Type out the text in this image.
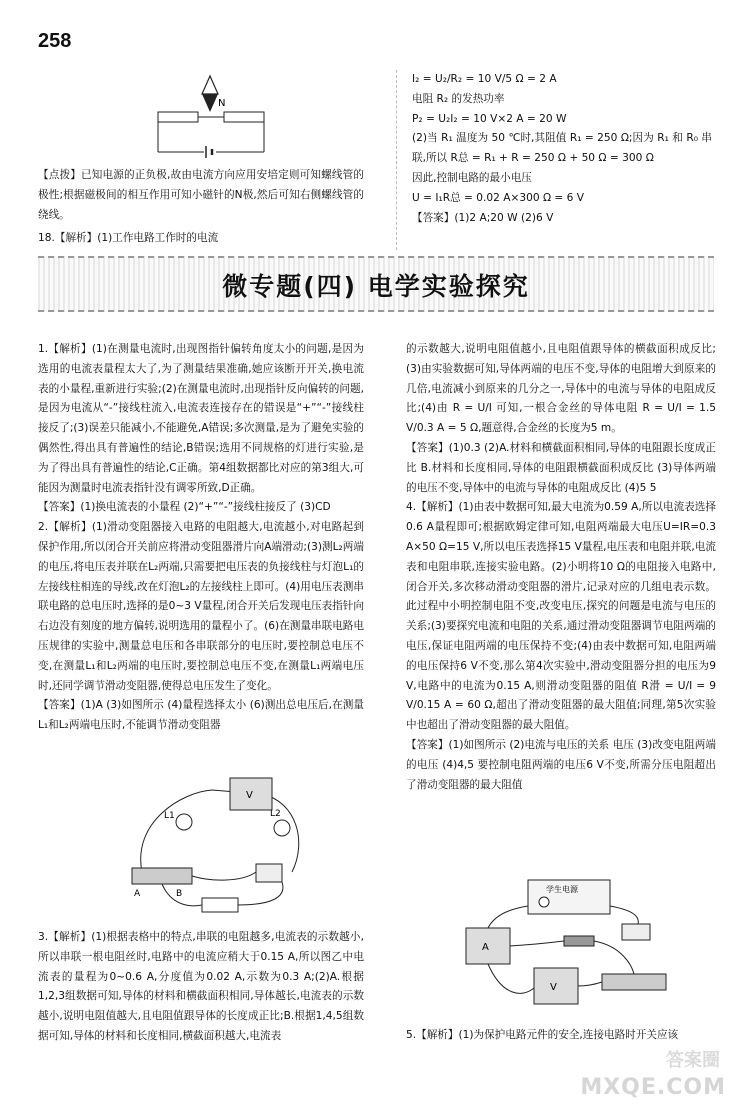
258
N

【点拨】已知电源的正负极,故由电流方向应用安培定则可知螺线管的极性;根据磁极间的相互作用可知小磁针的N极,然后可知右侧螺线管的绕线。

18.【解析】(1)工作电路工作时的电流

I₂ = U₂/R₂ = 10 V/5 Ω = 2 A

电阻 R₂ 的发热功率

P₂ = U₂I₂ = 10 V×2 A = 20 W

(2)当 R₁ 温度为 50 ℃时,其阻值 R₁ = 250 Ω;因为 R₁ 和 R₀ 串联,所以 R总 = R₁ + R = 250 Ω + 50 Ω = 300 Ω

因此,控制电路的最小电压

U = I₁R总 = 0.02 A×300 Ω = 6 V

【答案】(1)2 A;20 W (2)6 V

微专题(四) 电学实验探究

1.【解析】(1)在测量电流时,出现图指针偏转角度太小的问题,是因为选用的电流表量程太大了,为了测量结果准确,她应该断开开关,换电流表的小量程,重新进行实验;(2)在测量电流时,出现指针反向偏转的问题,是因为电流从“-”接线柱流入,电流表连接存在的错误是“+”“-”接线柱接反了;(3)误差只能减小,不能避免,A错误;多次测量,是为了避免实验的偶然性,得出具有普遍性的结论,B错误;选用不同规格的灯进行实验,是为了得出具有普遍性的结论,C正确。第4组数据都比对应的第3组大,可能因为测量时电流表指针没有调零所致,D正确。

【答案】(1)换电流表的小量程 (2)“+”“-”接线柱接反了 (3)CD

2.【解析】(1)滑动变阻器接入电路的电阻越大,电流越小,对电路起到保护作用,所以闭合开关前应将滑动变阻器滑片向A端滑动;(3)测L₂两端的电压,将电压表并联在L₂两端,只需要把电压表的负接线柱与灯泡L₁的左接线柱相连的导线,改在灯泡L₂的左接线柱上即可。(4)用电压表测串联电路的总电压时,选择的是0~3 V量程,闭合开关后发现电压表指针向右边没有刻度的地方偏转,说明选用的量程小了。(6)在测量串联电路电压规律的实验中,测量总电压和各串联部分的电压时,要控制总电压不变,在测量L₁和L₂两端的电压时,要控制总电压不变,在测量L₁两端电压时,还同学调节滑动变阻器,使得总电压发生了变化。

【答案】(1)A (3)如图所示 (4)量程选择太小 (6)测出总电压后,在测量L₁和L₂两端电压时,不能调节滑动变阻器

V
L1	L2
A	B

3.【解析】(1)根据表格中的特点,串联的电阻越多,电流表的示数越小,所以串联一根电阻丝时,电路中的电流应稍大于0.15 A,所以图乙中电流表的量程为0~0.6 A,分度值为0.02 A,示数为0.3 A;(2)A.根据1,2,3组数据可知,导体的材料和横截面积相同,导体越长,电流表的示数越小,说明电阻值越大,且电阻值跟导体的长度成正比;B.根据1,4,5组数据可知,导体的材料和长度相同,横截面积越大,电流表

的示数越大,说明电阻值越小,且电阻值跟导体的横截面积成反比;(3)由实验数据可知,导体两端的电压不变,导体的电阻增大到原来的几倍,电流减小到原来的几分之一,导体中的电流与导体的电阻成反比;(4)由 R = U/I 可知,一根合金丝的导体电阻 R = U/I = 1.5 V/0.3 A = 5 Ω,题意得,合金丝的长度为5 m。

【答案】(1)0.3 (2)A.材料和横截面积相同,导体的电阻跟长度成正比 B.材料和长度相同,导体的电阻跟横截面积成反比 (3)导体两端的电压不变,导体中的电流与导体的电阻成反比 (4)5 5

4.【解析】(1)由表中数据可知,最大电流为0.59 A,所以电流表选择0.6 A量程即可;根据欧姆定律可知,电阻两端最大电压U=IR=0.3 A×50 Ω=15 V,所以电压表选择15 V量程,电压表和电阻并联,电流表和电阻串联,连接实验电路。(2)小明将10 Ω的电阻接入电路中,闭合开关,多次移动滑动变阻器的滑片,记录对应的几组电表示数。此过程中小明控制电阻不变,改变电压,探究的问题是电流与电压的关系;(3)要探究电流和电阻的关系,通过滑动变阻器调节电阻两端的电压,保证电阻两端的电压保持不变;(4)由表中数据可知,电阻两端的电压保持6 V不变,那么第4次实验中,滑动变阻器分担的电压为9 V,电路中的电流为0.15 A,则滑动变阻器的阻值 R滑 = U/I = 9 V/0.15 A = 60 Ω,超出了滑动变阻器的最大阻值;同理,第5次实验中也超出了滑动变阻器的最大阻值。

【答案】(1)如图所示 (2)电流与电压的关系 电压 (3)改变电阻两端的电压 (4)4,5 要控制电阻两端的电压6 V不变,所需分压电阻超出了滑动变阻器的最大阻值

学生电源
A
V

5.【解析】(1)为保护电路元件的安全,连接电路时开关应该

答案圈
MXQE.COM
